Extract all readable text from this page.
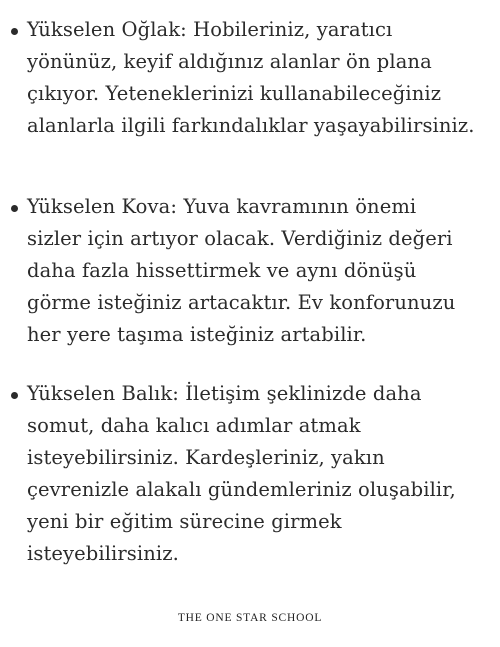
Yükselen Oğlak: Hobileriniz, yaratıcı
yönünüz, keyif aldığınız alanlar ön plana
çıkıyor. Yeteneklerinizi kullanabileceğiniz
alanlarla ilgili farkındalıklar yaşayabilirsiniz.
Yükselen Kova: Yuva kavramının önemi
sizler için artıyor olacak. Verdiğiniz değeri
daha fazla hissettirmek ve aynı dönüşü
görme isteğiniz artacaktır. Ev konforunuzu
her yere taşıma isteğiniz artabilir.
Yükselen Balık: İletişim şeklinizde daha
somut, daha kalıcı adımlar atmak
isteyebilirsiniz. Kardeşleriniz, yakın
çevrenizle alakalı gündemleriniz oluşabilir,
yeni bir eğitim sürecine girmek
isteyebilirsiniz.
THE ONE STAR SCHOOL
